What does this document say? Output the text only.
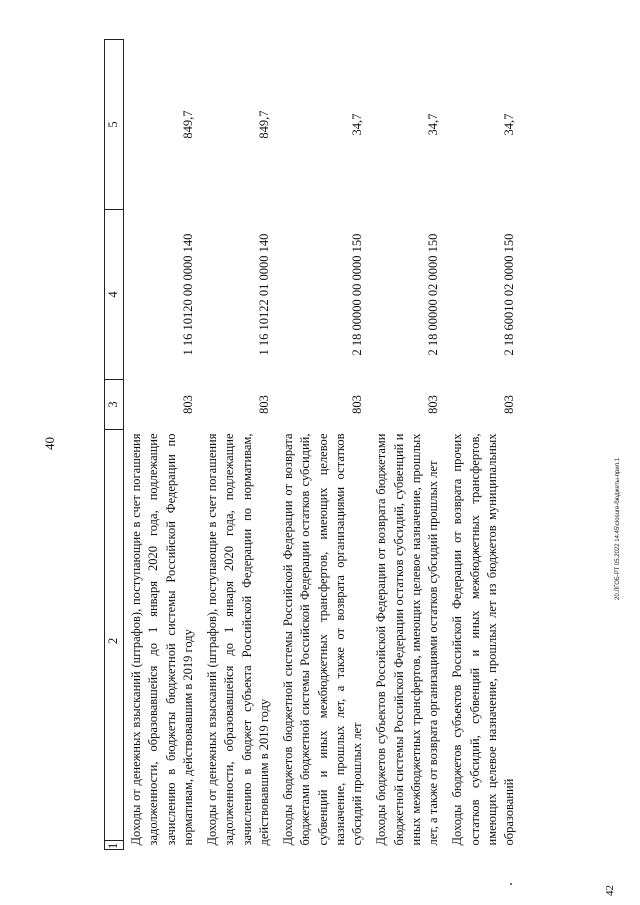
40
1 2	3	4	5
Доходы от денежных взысканий (штрафов), поступающие в счет погашения задолженности, образовавшейся до 1 января 2020 года, подлежащие зачислению в бюджеты бюджетной системы Российской Федерации по нормативам, действовавшим в 2019 году	803	1 16 10120 00 0000 140	849,7
Доходы от денежных взысканий (штрафов), поступающие в счет погашения задолженности, образовавшейся до 1 января 2020 года, подлежащие зачислению в бюджет субъекта Российской Федерации по нормативам, действовавшим в 2019 году	803	1 16 10122 01 0000 140	849,7
Доходы бюджетов бюджетной системы Российской Федерации от возврата бюджетами бюджетной системы Российской Федерации остатков субсидий, субвенций и иных межбюджетных трансфертов, имеющих целевое назначение, прошлых лет, а также от возврата организациями остатков субсидий прошлых лет	803	2 18 00000 00 0000 150	34,7
Доходы бюджетов субъектов Российской Федерации от возврата бюджетами бюджетной системы Российской Федерации остатков субсидий, субвенций и иных межбюджетных трансфертов, имеющих целевое назначение, прошлых лет, а также от возврата организациями остатков субсидий прошлых лет	803	2 18 00000 02 0000 150	34,7
Доходы бюджетов субъектов Российской Федерации от возврата прочих остатков субсидий, субвенций и иных межбюджетных трансфертов, имеющих целевое назначение, прошлых лет из бюджетов муниципальных образований	803	2 18 60010 02 0000 150	34,7
20.ЛГОБ-РТ 05.2022 14:45\closure-бюджеты-прил.1
42
